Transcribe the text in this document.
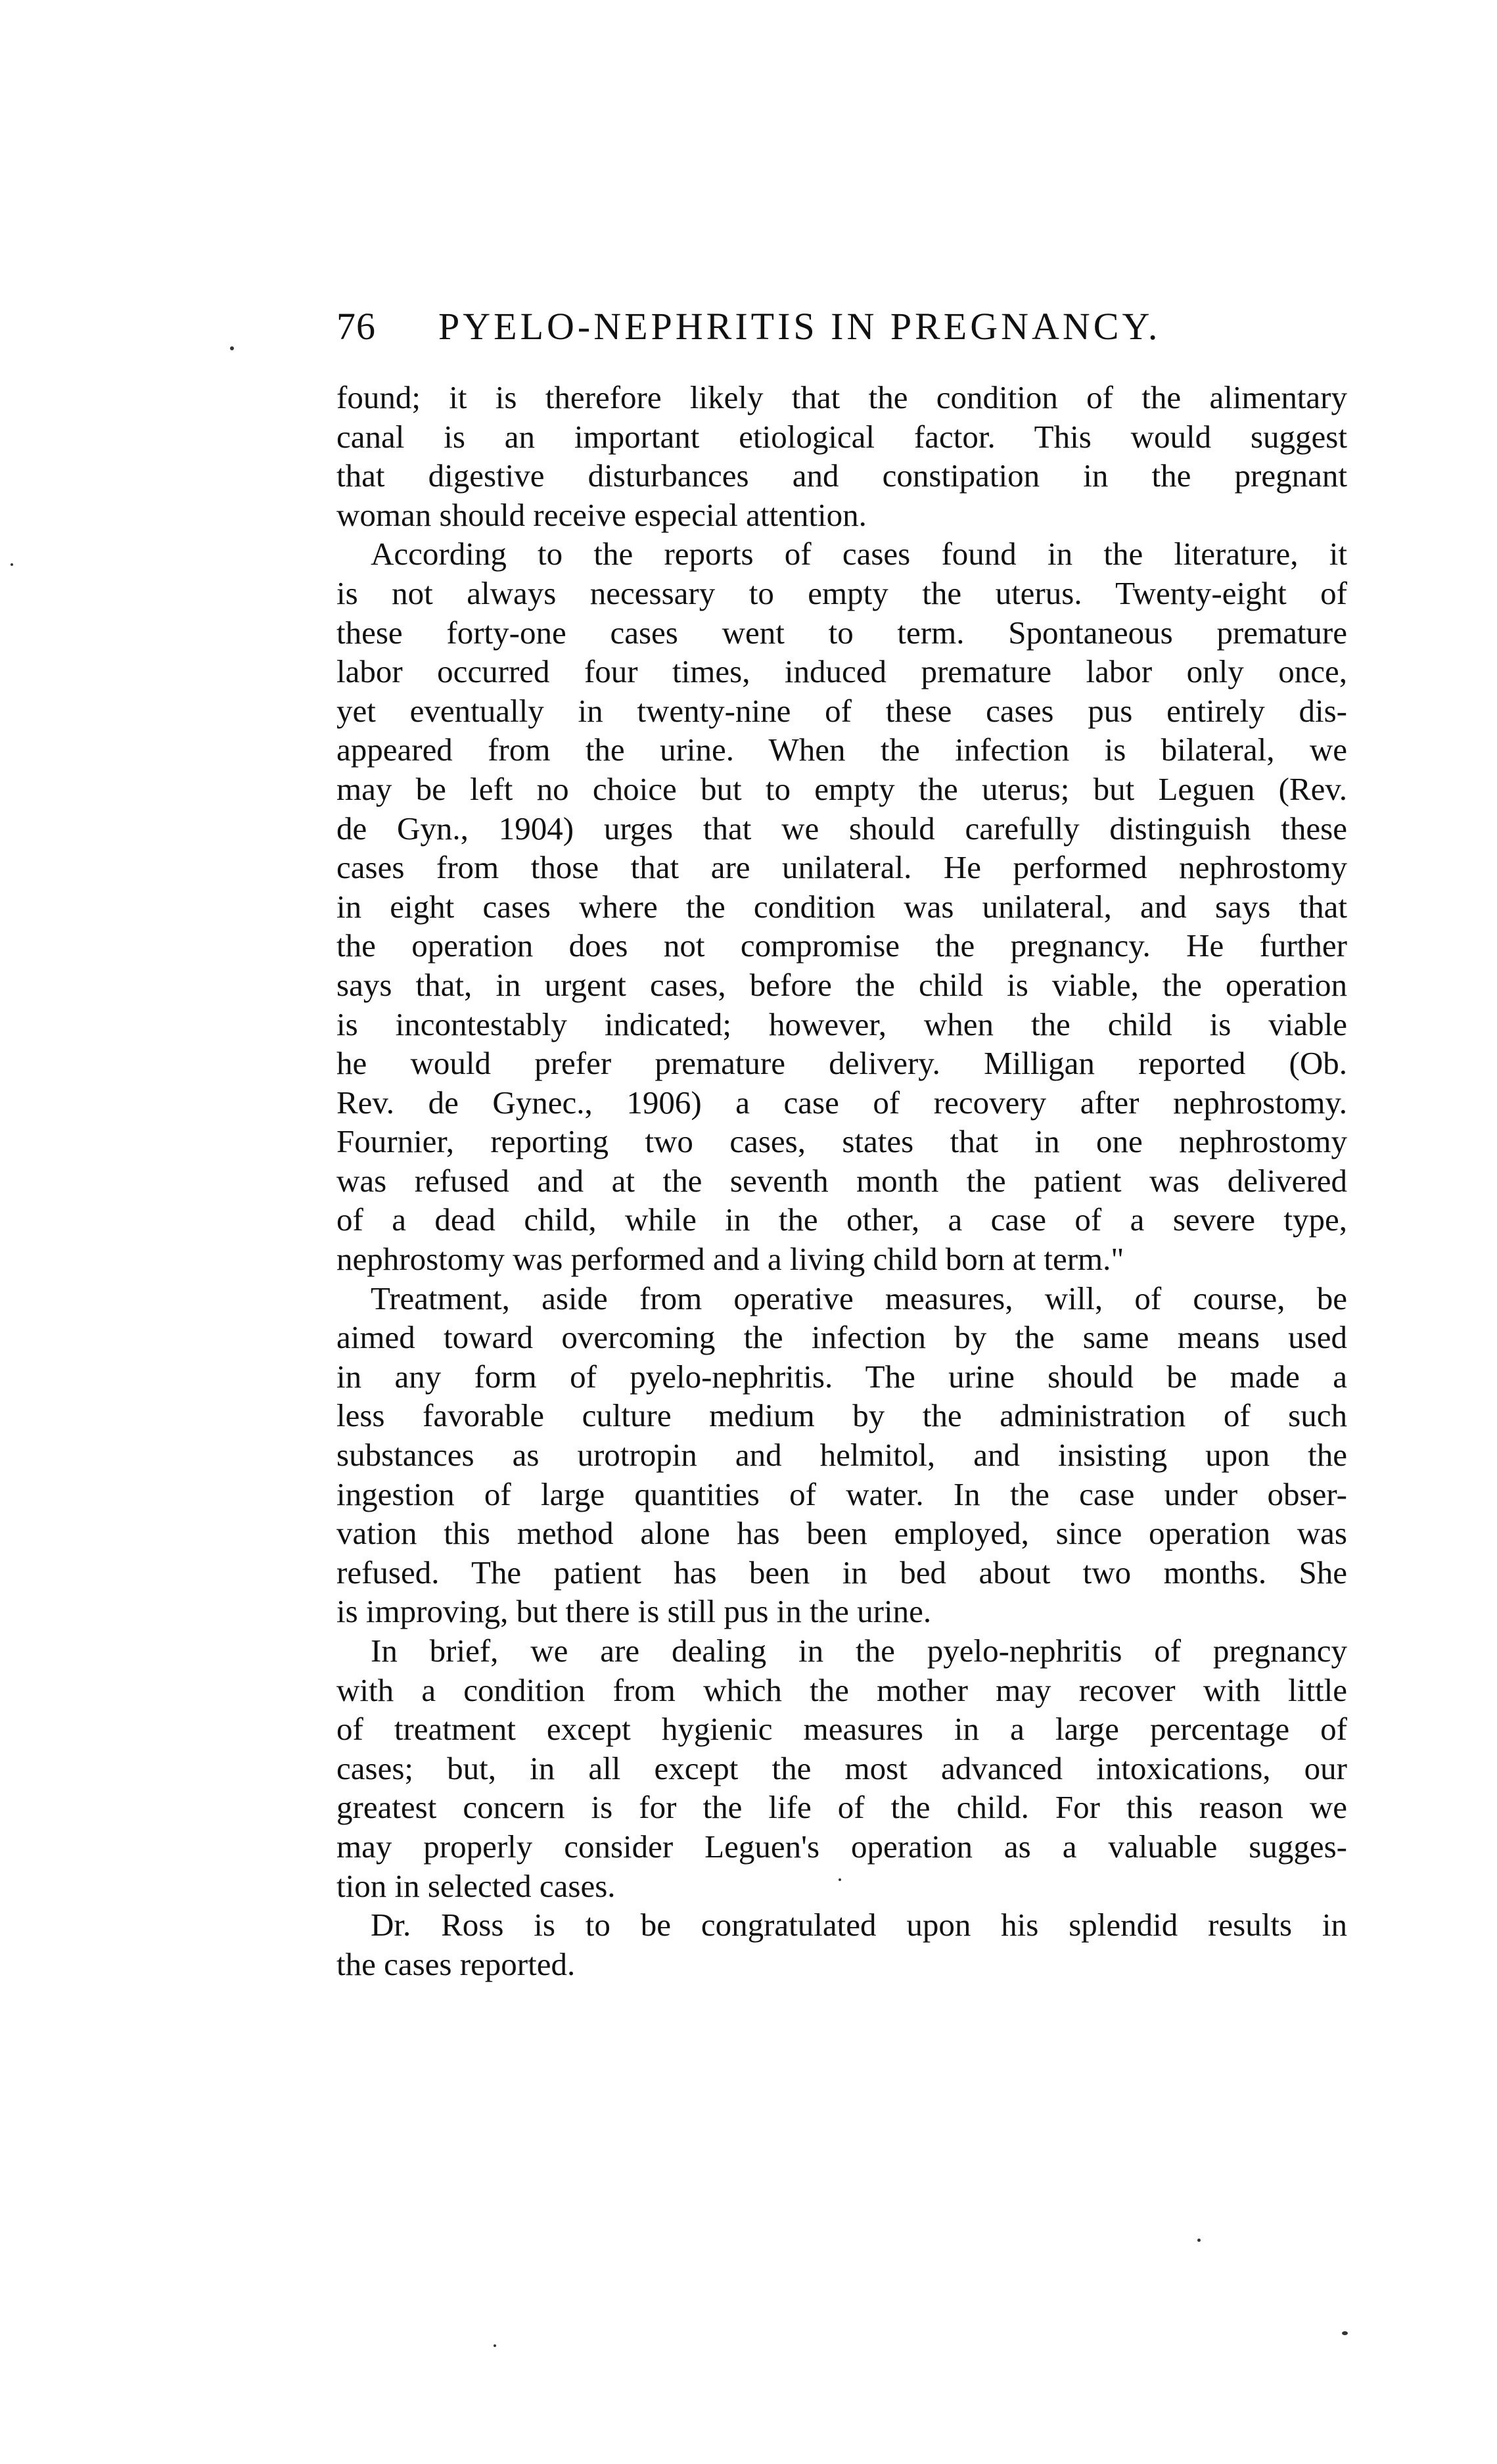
76 PYELO-NEPHRITIS IN PREGNANCY.
found; it is therefore likely that the condition of the alimentary
canal is an important etiological factor. This would suggest
that digestive disturbances and constipation in the pregnant
woman should receive especial attention.
According to the reports of cases found in the literature, it
is not always necessary to empty the uterus. Twenty-eight of
these forty-one cases went to term. Spontaneous premature
labor occurred four times, induced premature labor only once,
yet eventually in twenty-nine of these cases pus entirely dis-
appeared from the urine. When the infection is bilateral, we
may be left no choice but to empty the uterus; but Leguen (Rev.
de Gyn., 1904) urges that we should carefully distinguish these
cases from those that are unilateral. He performed nephrostomy
in eight cases where the condition was unilateral, and says that
the operation does not compromise the pregnancy. He further
says that, in urgent cases, before the child is viable, the operation
is incontestably indicated; however, when the child is viable
he would prefer premature delivery. Milligan reported (Ob.
Rev. de Gynec., 1906) a case of recovery after nephrostomy.
Fournier, reporting two cases, states that in one nephrostomy
was refused and at the seventh month the patient was delivered
of a dead child, while in the other, a case of a severe type,
nephrostomy was performed and a living child born at term."
Treatment, aside from operative measures, will, of course, be
aimed toward overcoming the infection by the same means used
in any form of pyelo-nephritis. The urine should be made a
less favorable culture medium by the administration of such
substances as urotropin and helmitol, and insisting upon the
ingestion of large quantities of water. In the case under obser-
vation this method alone has been employed, since operation was
refused. The patient has been in bed about two months. She
is improving, but there is still pus in the urine.
In brief, we are dealing in the pyelo-nephritis of pregnancy
with a condition from which the mother may recover with little
of treatment except hygienic measures in a large percentage of
cases; but, in all except the most advanced intoxications, our
greatest concern is for the life of the child. For this reason we
may properly consider Leguen's operation as a valuable sugges-
tion in selected cases.
Dr. Ross is to be congratulated upon his splendid results in
the cases reported.
